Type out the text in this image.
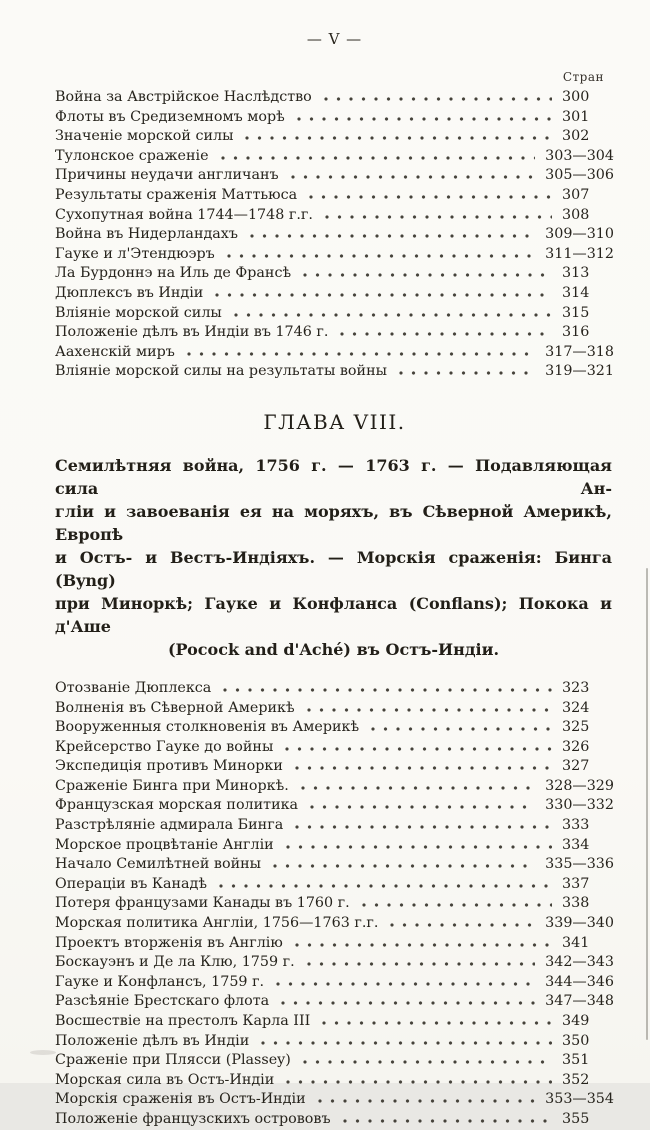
— V —
Стран
Война за Австрійское Наслѣдство	300
Флоты въ Средиземномъ морѣ	301
Значеніе морской силы	302
Тулонское сраженіе	303—304
Причины неудачи англичанъ	305—306
Результаты сраженія Маттьюса	307
Сухопутная война 1744—1748 г.г.	308
Война въ Нидерландахъ	309—310
Гауке и л'Этендюэръ	311—312
Ла Бурдоннэ на Иль де Франсѣ	313
Дюплексъ въ Индіи	314
Вліяніе морской силы	315
Положеніе дѣлъ въ Индіи въ 1746 г.	316
Аахенскій миръ	317—318
Вліяніе морской силы на результаты войны	319—321
ГЛАВА VIII.
Семилѣтняя война, 1756 г. — 1763 г. — Подавляющая сила Ан-
гліи и завоеванія ея на моряхъ, въ Сѣверной Америкѣ, Европѣ
и Остъ- и Вестъ-Индіяхъ. — Морскія сраженія: Бинга (Byng)
при Миноркѣ; Гауке и Конфланса (Conflans); Покока и д'Аше
(Pocock and d'Aché) въ Остъ-Индіи.
Отозваніе Дюплекса	323
Волненія въ Сѣверной Америкѣ	324
Вооруженныя столкновенія въ Америкѣ	325
Крейсерство Гауке до войны	326
Экспедиція противъ Минорки	327
Сраженіе Бинга при Миноркѣ.	328—329
Французская морская политика	330—332
Разстрѣляніе адмирала Бинга	333
Морское процвѣтаніе Англіи	334
Начало Семилѣтней войны	335—336
Операціи въ Канадѣ	337
Потеря французами Канады въ 1760 г.	338
Морская политика Англіи, 1756—1763 г.г.	339—340
Проектъ вторженія въ Англію	341
Боскауэнъ и Де ла Клю, 1759 г.	342—343
Гауке и Конфлансъ, 1759 г.	344—346
Разсѣяніе Брестскаго флота	347—348
Восшествіе на престолъ Карла III	349
Положеніе дѣлъ въ Индіи	350
Сраженіе при Плясси (Plassey)	351
Морская сила въ Остъ-Индіи	352
Морскія сраженія въ Остъ-Индіи	353—354
Положеніе французскихъ острововъ	355
